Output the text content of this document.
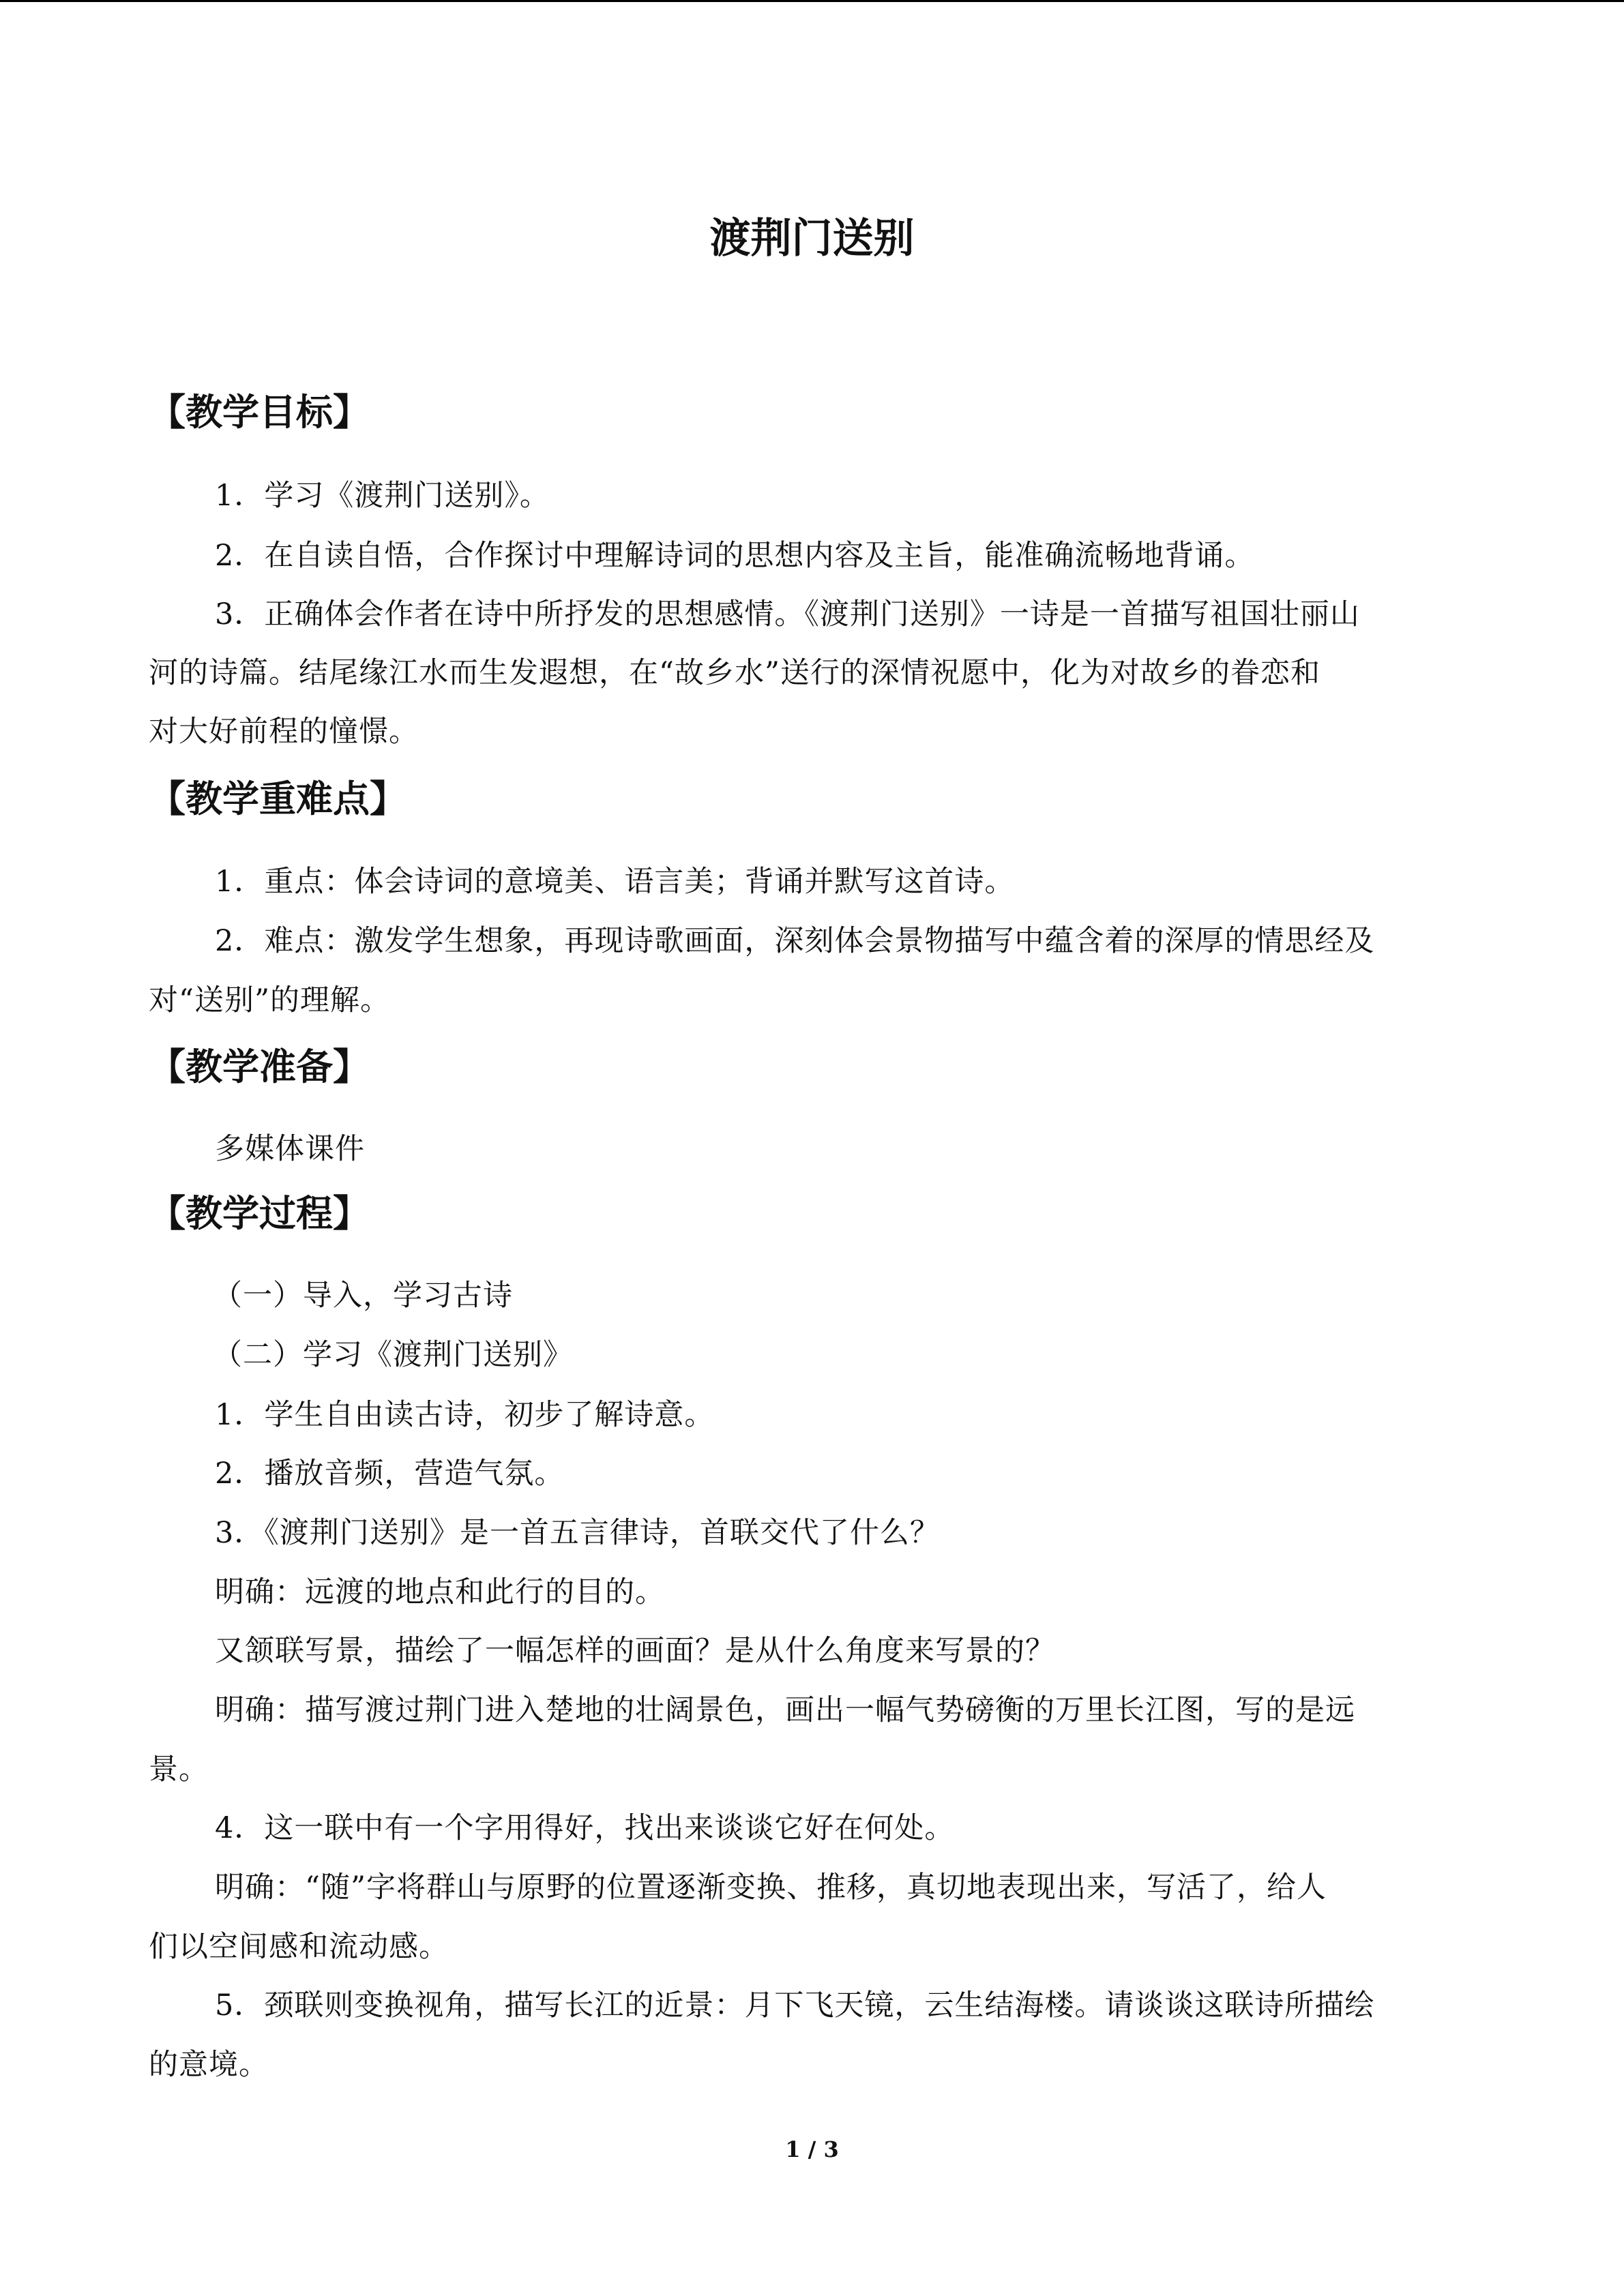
渡荆门送别
【教学目标】
1．学习《渡荆门送别》。
2．在自读自悟，合作探讨中理解诗词的思想内容及主旨，能准确流畅地背诵。
3．正确体会作者在诗中所抒发的思想感情。《渡荆门送别》一诗是一首描写祖国壮丽山
河的诗篇。结尾缘江水而生发遐想，在“故乡水”送行的深情祝愿中，化为对故乡的眷恋和
对大好前程的憧憬。
【教学重难点】
1．重点：体会诗词的意境美、语言美；背诵并默写这首诗。
2．难点：激发学生想象，再现诗歌画面，深刻体会景物描写中蕴含着的深厚的情思经及
对“送别”的理解。
【教学准备】
多媒体课件
【教学过程】
（一）导入，学习古诗
（二）学习《渡荆门送别》
1．学生自由读古诗，初步了解诗意。
2．播放音频，营造气氛。
3．《渡荆门送别》是一首五言律诗，首联交代了什么？
明确：远渡的地点和此行的目的。
又颔联写景，描绘了一幅怎样的画面？是从什么角度来写景的？
明确：描写渡过荆门进入楚地的壮阔景色，画出一幅气势磅衡的万里长江图，写的是远
景。
4．这一联中有一个字用得好，找出来谈谈它好在何处。
明确：“随”字将群山与原野的位置逐渐变换、推移，真切地表现出来，写活了，给人
们以空间感和流动感。
5．颈联则变换视角，描写长江的近景：月下飞天镜，云生结海楼。请谈谈这联诗所描绘
的意境。
1 / 3
